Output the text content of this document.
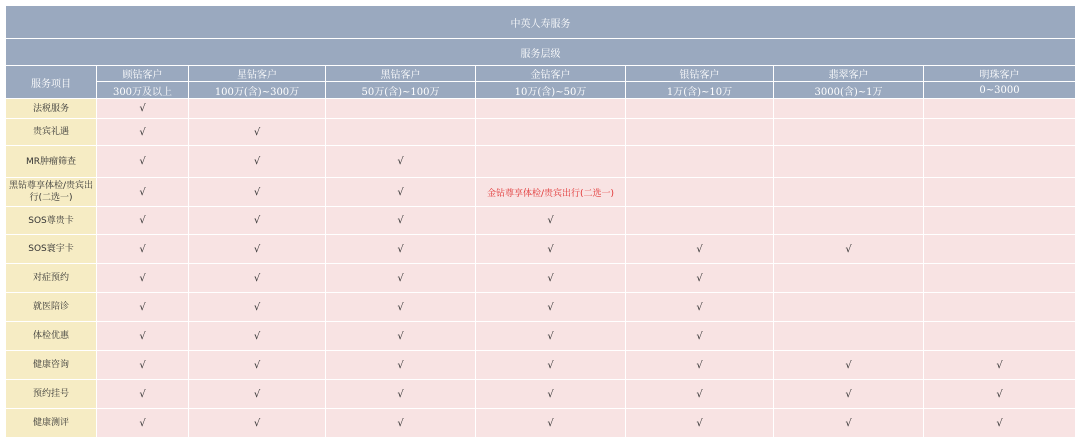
中英人寿服务							
服务层级							
服务项目	顾钻客户	星钻客户	黑钻客户	金钻客户	银钻客户	翡翠客户	明珠客户
	300万及以上	100万(含)~300万	50万(含)~100万	10万(含)~50万	1万(含)~10万	3000(含)~1万	0~3000
法税服务	√						
贵宾礼遇	√	√					
MR肿瘤筛查	√	√	√				
黑钻尊享体检/贵宾出行(二选一)	√	√	√	金钻尊享体检/贵宾出行(二选一)			
SOS尊贵卡	√	√	√	√			
SOS寰宇卡	√	√	√	√	√	√	
对症预约	√	√	√	√	√		
就医陪诊	√	√	√	√	√		
体检优惠	√	√	√	√	√		
健康咨询	√	√	√	√	√	√	√
预约挂号	√	√	√	√	√	√	√
健康测评	√	√	√	√	√	√	√
